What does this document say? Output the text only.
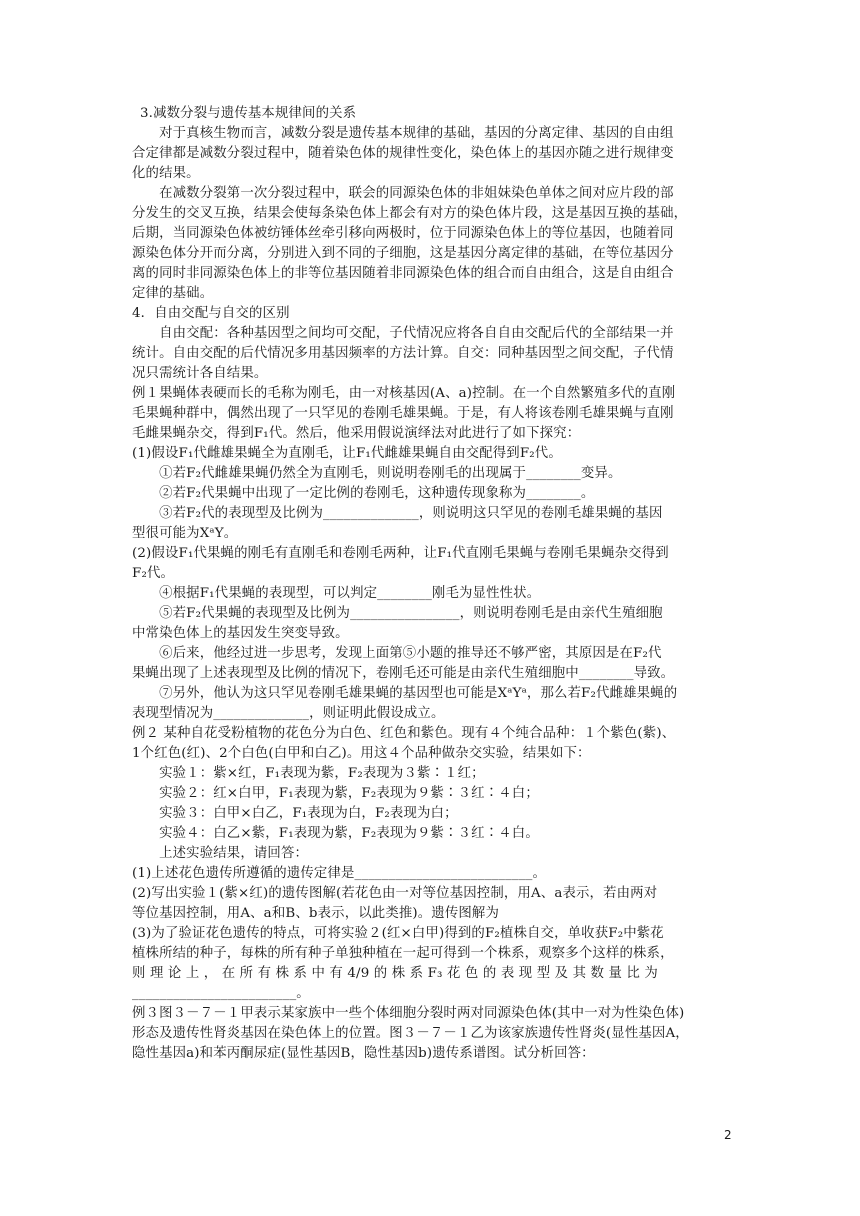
3.减数分裂与遗传基本规律间的关系
　　对于真核生物而言，减数分裂是遗传基本规律的基础，基因的分离定律、基因的自由组
合定律都是减数分裂过程中，随着染色体的规律性变化，染色体上的基因亦随之进行规律变
化的结果。
　　在减数分裂第一次分裂过程中，联会的同源染色体的非姐妹染色单体之间对应片段的部
分发生的交叉互换，结果会使每条染色体上都会有对方的染色体片段，这是基因互换的基础，
后期，当同源染色体被纺锤体丝牵引移向两极时，位于同源染色体上的等位基因，也随着同
源染色体分开而分离，分别进入到不同的子细胞，这是基因分离定律的基础，在等位基因分
离的同时非同源染色体上的非等位基因随着非同源染色体的组合而自由组合，这是自由组合
定律的基础。
4．自由交配与自交的区别
　　自由交配：各种基因型之间均可交配，子代情况应将各自自由交配后代的全部结果一并
统计。自由交配的后代情况多用基因频率的方法计算。自交：同种基因型之间交配，子代情
况只需统计各自结果。
例１果蝇体表硬而长的毛称为刚毛，由一对核基因(A、a)控制。在一个自然繁殖多代的直刚
毛果蝇种群中，偶然出现了一只罕见的卷刚毛雄果蝇。于是，有人将该卷刚毛雄果蝇与直刚
毛雌果蝇杂交，得到F₁代。然后，他采用假说演绎法对此进行了如下探究：
(1)假设F₁代雌雄果蝇全为直刚毛，让F₁代雌雄果蝇自由交配得到F₂代。
　　①若F₂代雌雄果蝇仍然全为直刚毛，则说明卷刚毛的出现属于________变异。
　　②若F₂代果蝇中出现了一定比例的卷刚毛，这种遗传现象称为________。
　　③若F₂代的表现型及比例为______________，则说明这只罕见的卷刚毛雄果蝇的基因
型很可能为XᵃY。
(2)假设F₁代果蝇的刚毛有直刚毛和卷刚毛两种，让F₁代直刚毛果蝇与卷刚毛果蝇杂交得到
F₂代。
　　④根据F₁代果蝇的表现型，可以判定________刚毛为显性性状。
　　⑤若F₂代果蝇的表现型及比例为________________，则说明卷刚毛是由亲代生殖细胞
中常染色体上的基因发生突变导致。
　　⑥后来，他经过进一步思考，发现上面第⑤小题的推导还不够严密，其原因是在F₂代
果蝇出现了上述表现型及比例的情况下，卷刚毛还可能是由亲代生殖细胞中________导致。
　　⑦另外，他认为这只罕见卷刚毛雄果蝇的基因型也可能是XᵃYᵃ，那么若F₂代雌雄果蝇的
表现型情况为______________，则证明此假设成立。
例２ 某种自花受粉植物的花色分为白色、红色和紫色。现有４个纯合品种：１个紫色(紫)、
1个红色(红)、2个白色(白甲和白乙)。用这４个品种做杂交实验，结果如下：
　　实验１：紫×红，F₁表现为紫，F₂表现为３紫∶１红；
　　实验２：红×白甲，F₁表现为紫，F₂表现为９紫∶３红∶４白；
　　实验３：白甲×白乙，F₁表现为白，F₂表现为白；
　　实验４：白乙×紫，F₁表现为紫，F₂表现为９紫∶３红∶４白。
　　上述实验结果，请回答：
(1)上述花色遗传所遵循的遗传定律是__________________________。
(2)写出实验１(紫×红)的遗传图解(若花色由一对等位基因控制，用A、a表示，若由两对
等位基因控制，用A、a和B、b表示，以此类推)。遗传图解为
(3)为了验证花色遗传的特点，可将实验２(红×白甲)得到的F₂植株自交，单收获F₂中紫花
植株所结的种子，每株的所有种子单独种植在一起可得到一个株系，观察多个这样的株系，
则 理 论 上 ， 在 所 有 株 系 中 有 4/9 的 株 系 F₃ 花 色 的 表 现 型 及 其 数 量 比 为
________________________。
例３图３－７－１甲表示某家族中一些个体细胞分裂时两对同源染色体(其中一对为性染色体)
形态及遗传性肾炎基因在染色体上的位置。图３－７－１乙为该家族遗传性肾炎(显性基因A，
隐性基因a)和苯丙酮尿症(显性基因B，隐性基因b)遗传系谱图。试分析回答：
2
